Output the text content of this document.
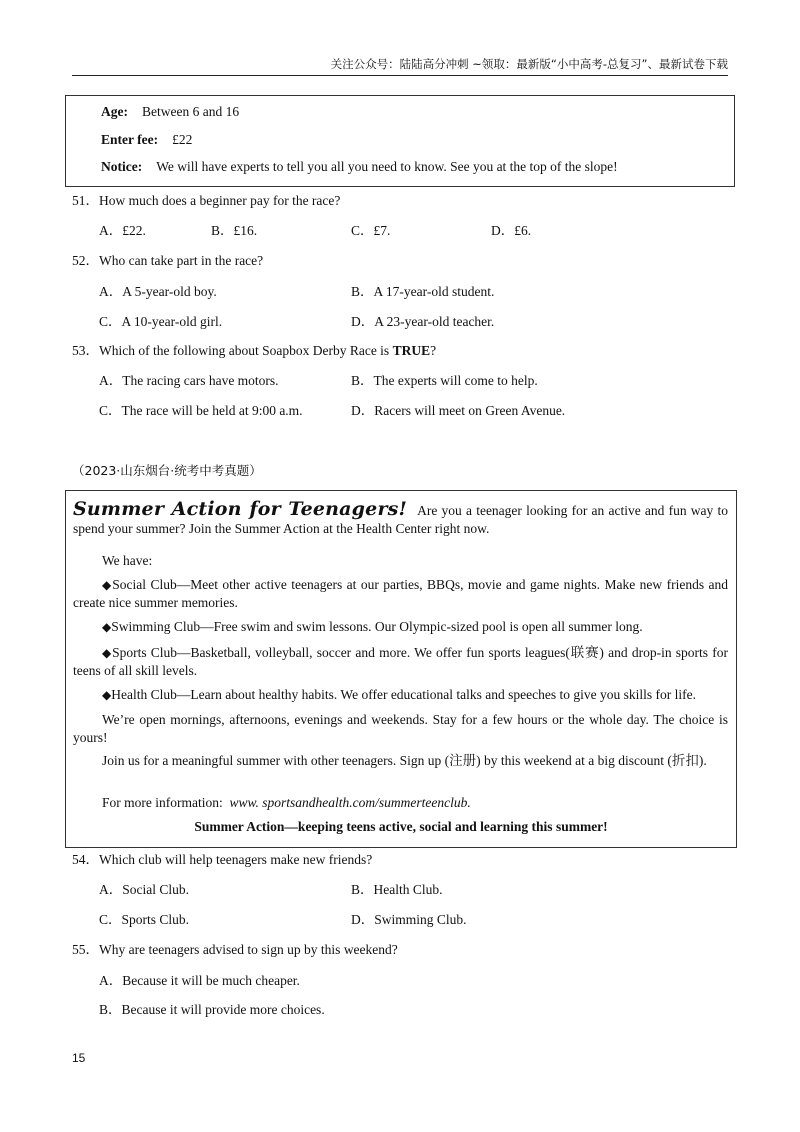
关注公众号：陆陆高分冲刺 ~领取：最新版“小中高考-总复习”、最新试卷下载
Age: Between 6 and 16
Enter fee: £22
Notice: We will have experts to tell you all you need to know. See you at the top of the slope!
51．How much does a beginner pay for the race?
A．£22.	B．£16.	C．£7.	D．£6.
52．Who can take part in the race?
A．A 5-year-old boy.	B．A 17-year-old student.
C．A 10-year-old girl.	D．A 23-year-old teacher.
53．Which of the following about Soapbox Derby Race is TRUE?
A．The racing cars have motors.	B．The experts will come to help.
C．The race will be held at 9:00 a.m.	D．Racers will meet on Green Avenue.
（2023·山东烟台·统考中考真题）
Summer Action for Teenagers! Are you a teenager looking for an active and fun way to spend your summer? Join the Summer Action at the Health Center right now.
We have:
◆Social Club—Meet other active teenagers at our parties, BBQs, movie and game nights. Make new friends and create nice summer memories.
◆Swimming Club—Free swim and swim lessons. Our Olympic-sized pool is open all summer long.
◆Sports Club—Basketball, volleyball, soccer and more. We offer fun sports leagues(联赛) and drop-in sports for teens of all skill levels.
◆Health Club—Learn about healthy habits. We offer educational talks and speeches to give you skills for life.
We’re open mornings, afternoons, evenings and weekends. Stay for a few hours or the whole day. The choice is yours!
Join us for a meaningful summer with other teenagers. Sign up (注册) by this weekend at a big discount (折扣).
For more information: www. sportsandhealth.com/summerteenclub.
Summer Action—keeping teens active, social and learning this summer!
54．Which club will help teenagers make new friends?
A．Social Club.	B．Health Club.
C．Sports Club.	D．Swimming Club.
55．Why are teenagers advised to sign up by this weekend?
A．Because it will be much cheaper.
B．Because it will provide more choices.
15
